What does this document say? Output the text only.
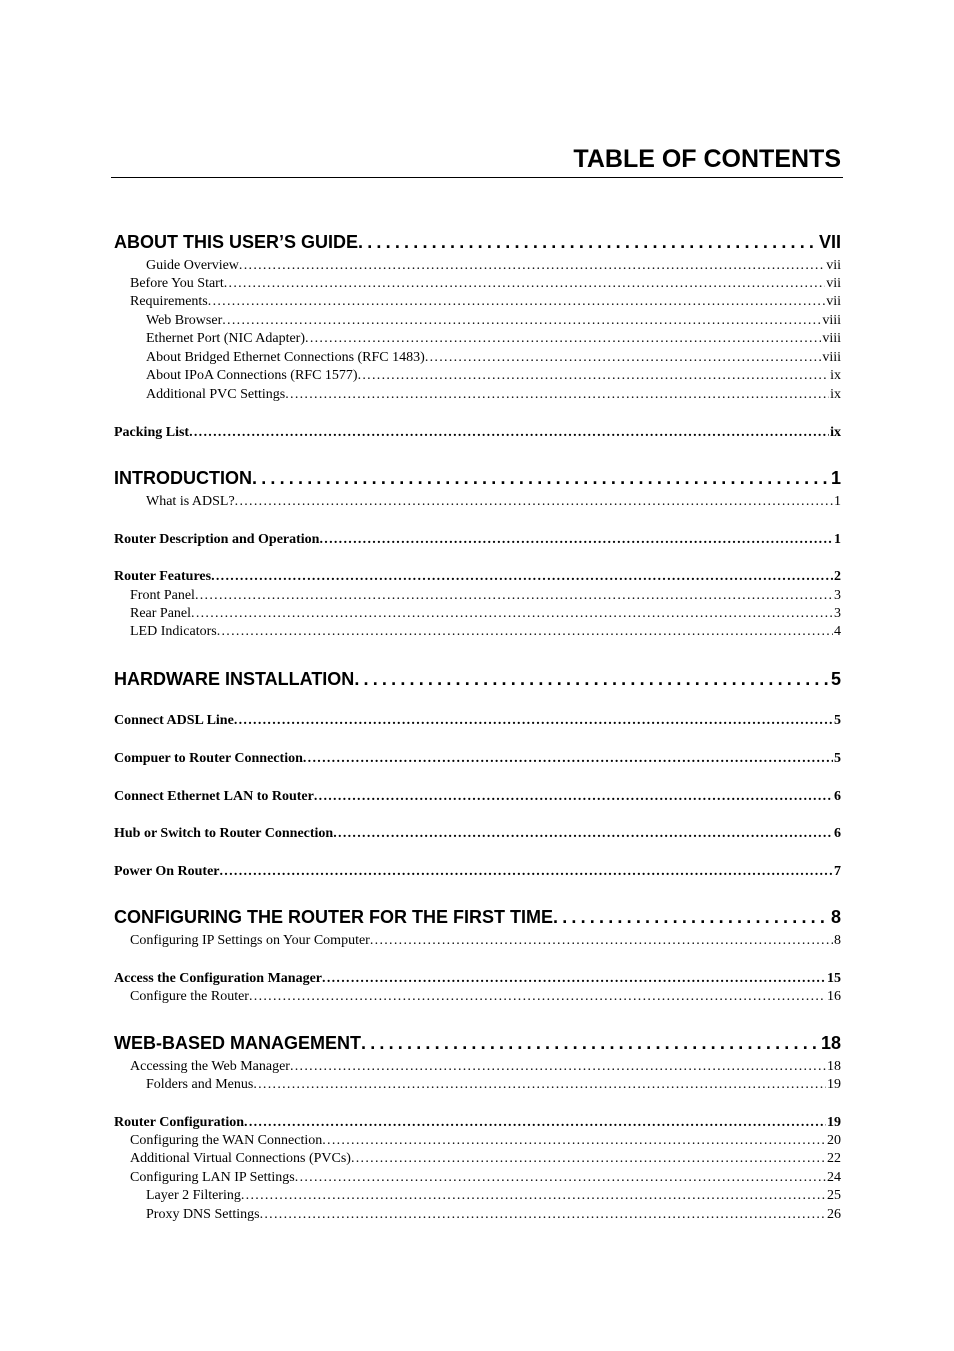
TABLE OF CONTENTS
ABOUT THIS USER’S GUIDE . . .	VII
Guide Overview . . .	vii
Before You Start . . .	vii
Requirements . . .	vii
Web Browser . . .	viii
Ethernet Port (NIC Adapter) . . .	viii
About Bridged Ethernet Connections (RFC 1483) . . .	viii
About IPoA Connections (RFC 1577) . . .	ix
Additional PVC Settings . . .	ix
Packing List . . .	ix
INTRODUCTION . . .	1
What is ADSL? . . .	1
Router Description and Operation . . .	1
Router Features . . .	2
Front Panel . . .	3
Rear Panel . . .	3
LED Indicators . . .	4
HARDWARE INSTALLATION . . .	5
Connect ADSL Line . . .	5
Compuer to Router Connection . . .	5
Connect Ethernet LAN to Router . . .	6
Hub or Switch to Router Connection . . .	6
Power On Router . . .	7
CONFIGURING THE ROUTER FOR THE FIRST TIME . . .	8
Configuring IP Settings on Your Computer . . .	8
Access the Configuration Manager . . .	15
Configure the Router . . .	16
WEB-BASED MANAGEMENT . . .	18
Accessing the Web Manager . . .	18
Folders and Menus . . .	19
Router Configuration . . .	19
Configuring the WAN Connection . . .	20
Additional Virtual Connections (PVCs) . . .	22
Configuring LAN IP Settings . . .	24
Layer 2 Filtering . . .	25
Proxy DNS Settings . . .	26
